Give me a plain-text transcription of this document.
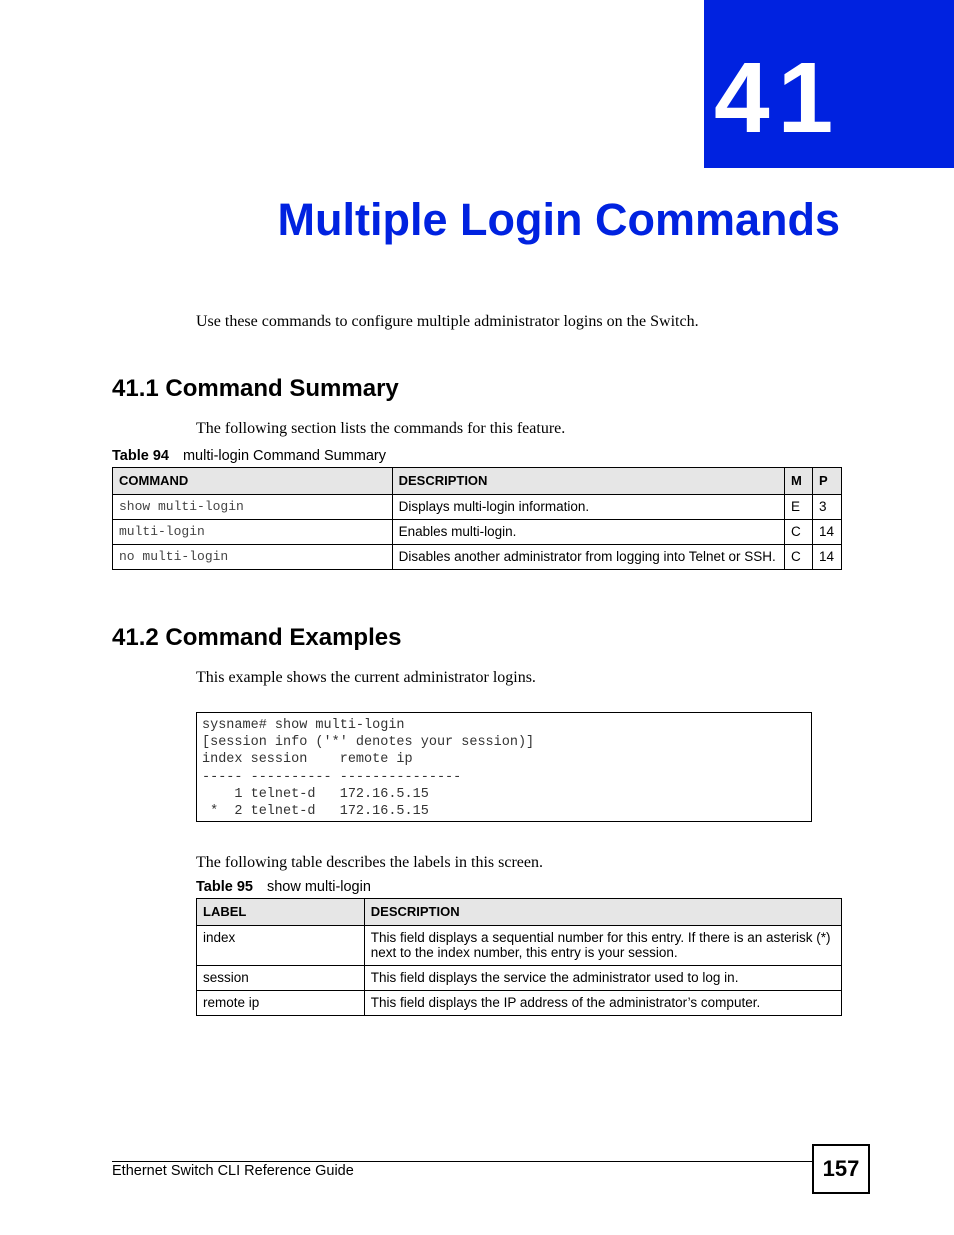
41
Multiple Login Commands
Use these commands to configure multiple administrator logins on the Switch.
41.1 Command Summary
The following section lists the commands for this feature.
Table 94 multi-login Command Summary
COMMAND	DESCRIPTION	M	P
show multi-login	Displays multi-login information.	E	3
multi-login	Enables multi-login.	C	14
no multi-login	Disables another administrator from logging into Telnet or SSH.	C	14
41.2 Command Examples
This example shows the current administrator logins.
sysname# show multi-login
[session info ('*' denotes your session)]
index session    remote ip
----- ---------- ---------------
1 telnet-d   172.16.5.15
*  2 telnet-d   172.16.5.15
The following table describes the labels in this screen.
Table 95 show multi-login
LABEL	DESCRIPTION
index	This field displays a sequential number for this entry. If there is an asterisk (*) next to the index number, this entry is your session.
session	This field displays the service the administrator used to log in.
remote ip	This field displays the IP address of the administrator’s computer.
Ethernet Switch CLI Reference Guide	157
